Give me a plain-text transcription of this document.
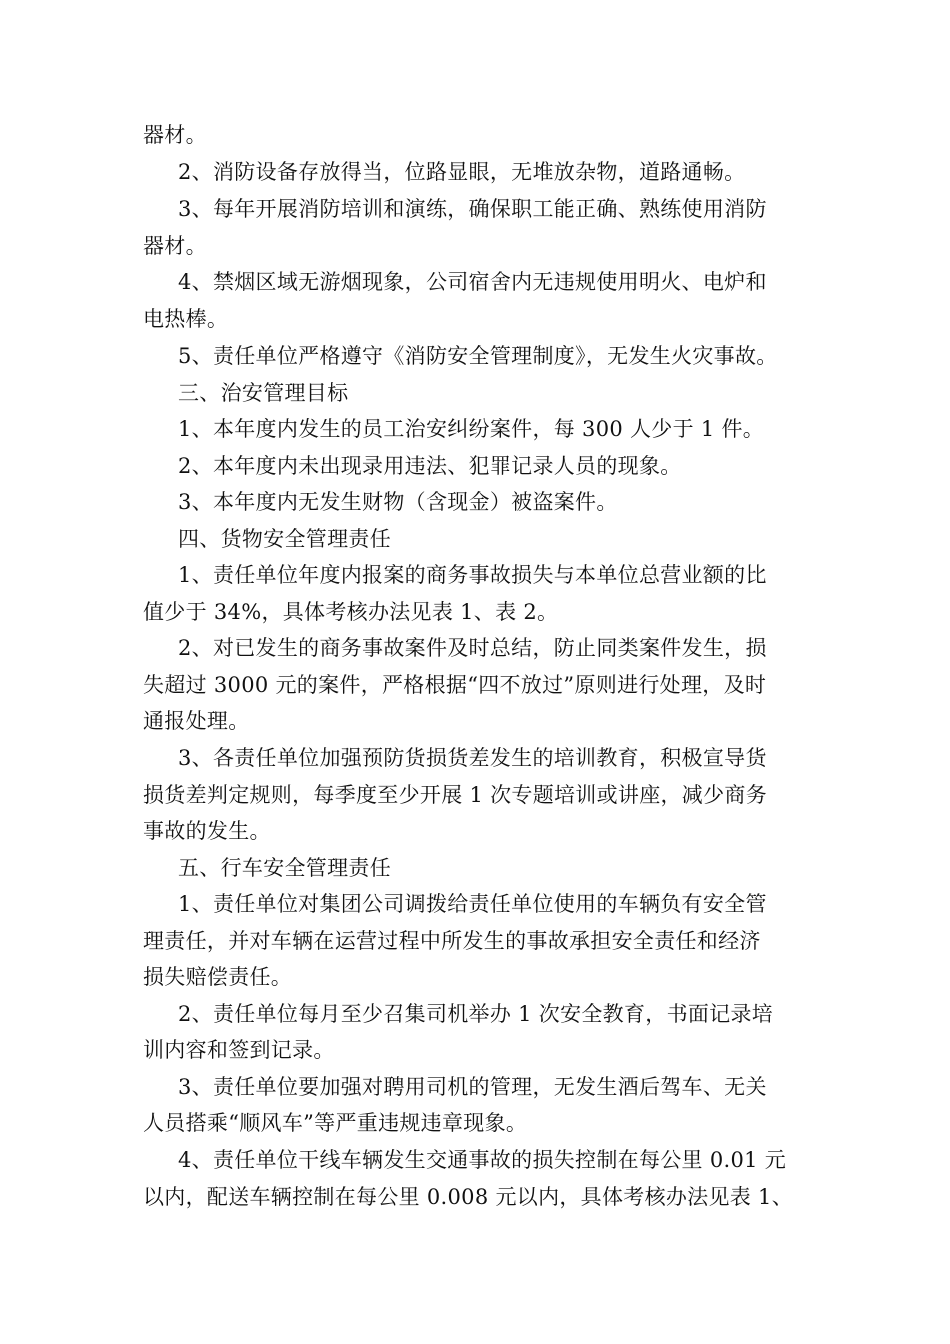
器材。
2、消防设备存放得当，位路显眼，无堆放杂物，道路通畅。
3、每年开展消防培训和演练，确保职工能正确、熟练使用消防
器材。
4、禁烟区域无游烟现象，公司宿舍内无违规使用明火、电炉和
电热棒。
5、责任单位严格遵守《消防安全管理制度》，无发生火灾事故。
三、治安管理目标
1、本年度内发生的员工治安纠纷案件，每 300 人少于 1 件。
2、本年度内未出现录用违法、犯罪记录人员的现象。
3、本年度内无发生财物（含现金）被盗案件。
四、货物安全管理责任
1、责任单位年度内报案的商务事故损失与本单位总营业额的比
值少于 34%，具体考核办法见表 1、表 2。
2、对已发生的商务事故案件及时总结，防止同类案件发生，损
失超过 3000 元的案件，严格根据“四不放过”原则进行处理，及时
通报处理。
3、各责任单位加强预防货损货差发生的培训教育，积极宣导货
损货差判定规则，每季度至少开展 1 次专题培训或讲座，减少商务
事故的发生。
五、行车安全管理责任
1、责任单位对集团公司调拨给责任单位使用的车辆负有安全管
理责任，并对车辆在运营过程中所发生的事故承担安全责任和经济
损失赔偿责任。
2、责任单位每月至少召集司机举办 1 次安全教育，书面记录培
训内容和签到记录。
3、责任单位要加强对聘用司机的管理，无发生酒后驾车、无关
人员搭乘“顺风车”等严重违规违章现象。
4、责任单位干线车辆发生交通事故的损失控制在每公里 0.01 元
以内，配送车辆控制在每公里 0.008 元以内，具体考核办法见表 1、
